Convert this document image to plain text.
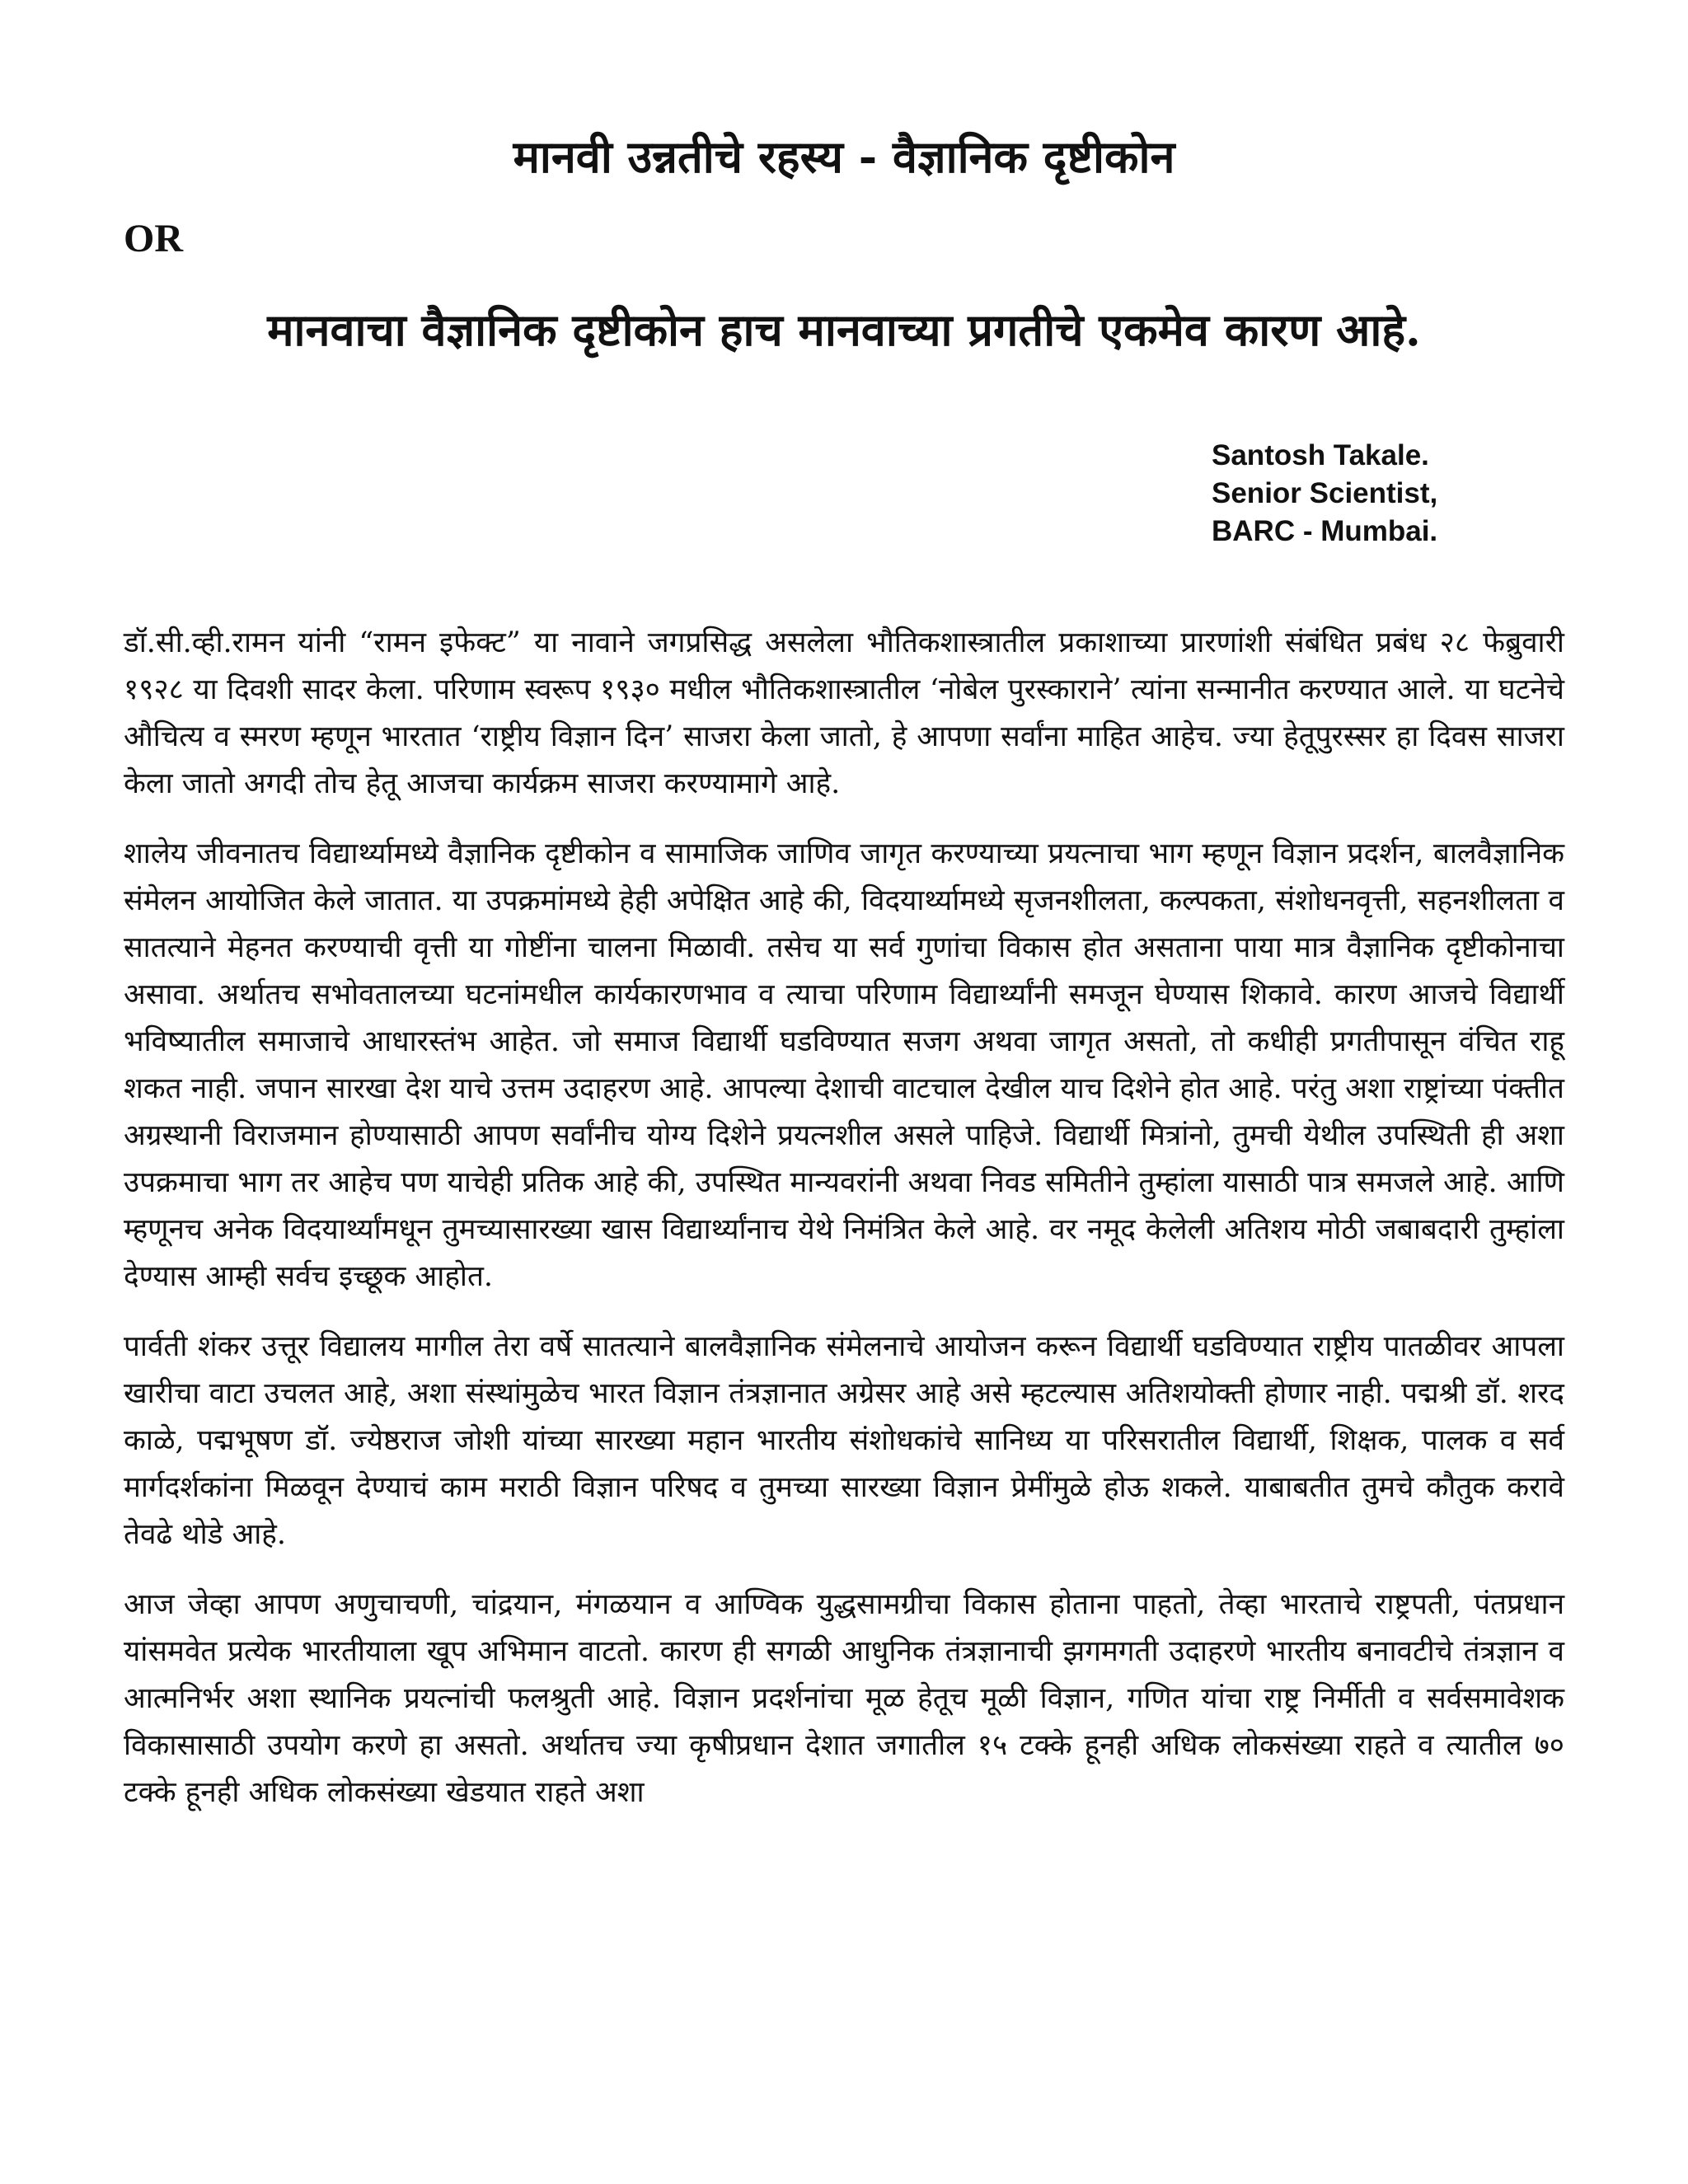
मानवी उन्नतीचे रहस्य - वैज्ञानिक दृष्टीकोन
OR
मानवाचा वैज्ञानिक दृष्टीकोन हाच मानवाच्या प्रगतीचे एकमेव कारण आहे.
Santosh Takale.
Senior Scientist,
BARC - Mumbai.

डॉ.सी.व्ही.रामन यांनी “रामन इफेक्ट” या नावाने जगप्रसिद्ध असलेला भौतिकशास्त्रातील प्रकाशाच्या प्रारणांशी संबंधित प्रबंध २८ फेब्रुवारी १९२८ या दिवशी सादर केला. परिणाम स्वरूप १९३० मधील भौतिकशास्त्रातील ‘नोबेल पुरस्काराने’ त्यांना सन्मानीत करण्यात आले. या घटनेचे औचित्य व स्मरण म्हणून भारतात ‘राष्ट्रीय विज्ञान दिन’ साजरा केला जातो, हे आपणा सर्वांना माहित आहेच. ज्या हेतूपुरस्सर हा दिवस साजरा केला जातो अगदी तोच हेतू आजचा कार्यक्रम साजरा करण्यामागे आहे.

शालेय जीवनातच विद्यार्थ्यामध्ये वैज्ञानिक दृष्टीकोन व सामाजिक जाणिव जागृत करण्याच्या प्रयत्नाचा भाग म्हणून विज्ञान प्रदर्शन, बालवैज्ञानिक संमेलन आयोजित केले जातात. या उपक्रमांमध्ये हेही अपेक्षित आहे की, विदयार्थ्यामध्ये सृजनशीलता, कल्पकता, संशोधनवृत्ती, सहनशीलता व सातत्याने मेहनत करण्याची वृत्ती या गोष्टींना चालना मिळावी. तसेच या सर्व गुणांचा विकास होत असताना पाया मात्र वैज्ञानिक दृष्टीकोनाचा असावा. अर्थातच सभोवतालच्या घटनांमधील कार्यकारणभाव व त्याचा परिणाम विद्यार्थ्यांनी समजून घेण्यास शिकावे. कारण आजचे विद्यार्थी भविष्यातील समाजाचे आधारस्तंभ आहेत. जो समाज विद्यार्थी घडविण्यात सजग अथवा जागृत असतो, तो कधीही प्रगतीपासून वंचित राहू शकत नाही. जपान सारखा देश याचे उत्तम उदाहरण आहे. आपल्या देशाची वाटचाल देखील याच दिशेने होत आहे. परंतु अशा राष्ट्रांच्या पंक्तीत अग्रस्थानी विराजमान होण्यासाठी आपण सर्वांनीच योग्य दिशेने प्रयत्नशील असले पाहिजे. विद्यार्थी मित्रांनो, तुमची येथील उपस्थिती ही अशा उपक्रमाचा भाग तर आहेच पण याचेही प्रतिक आहे की, उपस्थित मान्यवरांनी अथवा निवड समितीने तुम्हांला यासाठी पात्र समजले आहे. आणि म्हणूनच अनेक विदयार्थ्यांमधून तुमच्यासारख्या खास विद्यार्थ्यांनाच येथे निमंत्रित केले आहे. वर नमूद केलेली अतिशय मोठी जबाबदारी तुम्हांला देण्यास आम्ही सर्वच इच्छूक आहोत.

पार्वती शंकर उत्तूर विद्यालय मागील तेरा वर्षे सातत्याने बालवैज्ञानिक संमेलनाचे आयोजन करून विद्यार्थी घडविण्यात राष्ट्रीय पातळीवर आपला खारीचा वाटा उचलत आहे, अशा संस्थांमुळेच भारत विज्ञान तंत्रज्ञानात अग्रेसर आहे असे म्हटल्यास अतिशयोक्ती होणार नाही. पद्मश्री डॉ. शरद काळे, पद्मभूषण डॉ. ज्येष्ठराज जोशी यांच्या सारख्या महान भारतीय संशोधकांचे सानिध्य या परिसरातील विद्यार्थी, शिक्षक, पालक व सर्व मार्गदर्शकांना मिळवून देण्याचं काम मराठी विज्ञान परिषद व तुमच्या सारख्या विज्ञान प्रेमींमुळे होऊ शकले. याबाबतीत तुमचे कौतुक करावे तेवढे थोडे आहे.

आज जेव्हा आपण अणुचाचणी, चांद्रयान, मंगळयान व आण्विक युद्धसामग्रीचा विकास होताना पाहतो, तेव्हा भारताचे राष्ट्रपती, पंतप्रधान यांसमवेत प्रत्येक भारतीयाला खूप अभिमान वाटतो. कारण ही सगळी आधुनिक तंत्रज्ञानाची झगमगती उदाहरणे भारतीय बनावटीचे तंत्रज्ञान व आत्मनिर्भर अशा स्थानिक प्रयत्नांची फलश्रुती आहे. विज्ञान प्रदर्शनांचा मूळ हेतूच मूळी विज्ञान, गणित यांचा राष्ट्र निर्मीती व सर्वसमावेशक विकासासाठी उपयोग करणे हा असतो. अर्थातच ज्या कृषीप्रधान देशात जगातील १५ टक्के हूनही अधिक लोकसंख्या राहते व त्यातील ७० टक्के हूनही अधिक लोकसंख्या खेडयात राहते अशा
